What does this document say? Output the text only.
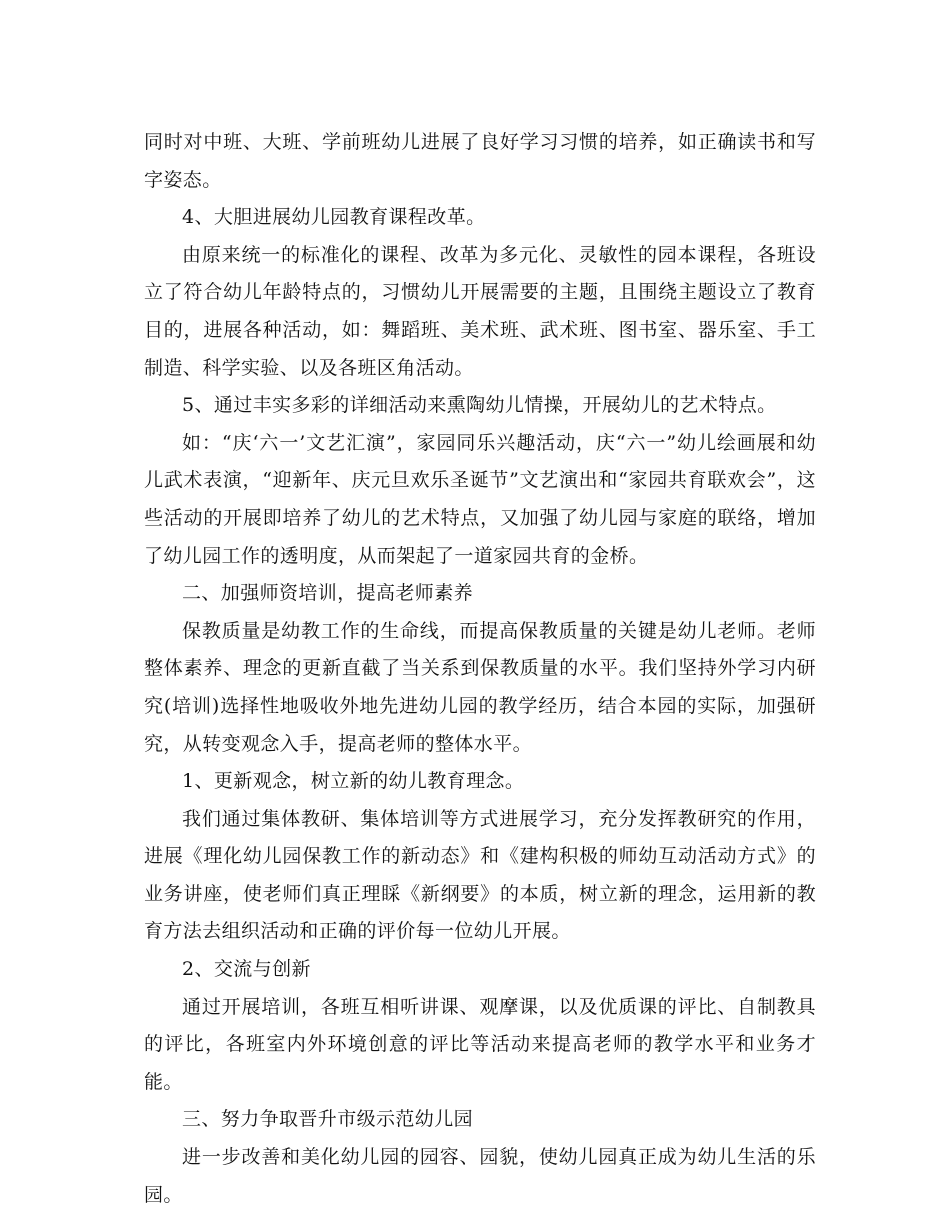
同时对中班、大班、学前班幼儿进展了良好学习习惯的培养，如正确读书和写字姿态。

4、大胆进展幼儿园教育课程改革。

由原来统一的标准化的课程、改革为多元化、灵敏性的园本课程，各班设立了符合幼儿年龄特点的，习惯幼儿开展需要的主题，且围绕主题设立了教育目的，进展各种活动，如：舞蹈班、美术班、武术班、图书室、器乐室、手工制造、科学实验、以及各班区角活动。

5、通过丰实多彩的详细活动来熏陶幼儿情操，开展幼儿的艺术特点。

如：“庆‘六一’文艺汇演”，家园同乐兴趣活动，庆“六一”幼儿绘画展和幼儿武术表演，“迎新年、庆元旦欢乐圣诞节”文艺演出和“家园共育联欢会”，这些活动的开展即培养了幼儿的艺术特点，又加强了幼儿园与家庭的联络，增加了幼儿园工作的透明度，从而架起了一道家园共育的金桥。

二、加强师资培训，提高老师素养

保教质量是幼教工作的生命线，而提高保教质量的关键是幼儿老师。老师整体素养、理念的更新直截了当关系到保教质量的水平。我们坚持外学习内研究(培训)选择性地吸收外地先进幼儿园的教学经历，结合本园的实际，加强研究，从转变观念入手，提高老师的整体水平。

1、更新观念，树立新的幼儿教育理念。

我们通过集体教研、集体培训等方式进展学习，充分发挥教研究的作用，进展《理化幼儿园保教工作的新动态》和《建构积极的师幼互动活动方式》的业务讲座，使老师们真正理睬《新纲要》的本质，树立新的理念，运用新的教育方法去组织活动和正确的评价每一位幼儿开展。

2、交流与创新

通过开展培训，各班互相听讲课、观摩课，以及优质课的评比、自制教具的评比，各班室内外环境创意的评比等活动来提高老师的教学水平和业务才能。

三、努力争取晋升市级示范幼儿园

进一步改善和美化幼儿园的园容、园貌，使幼儿园真正成为幼儿生活的乐园。
